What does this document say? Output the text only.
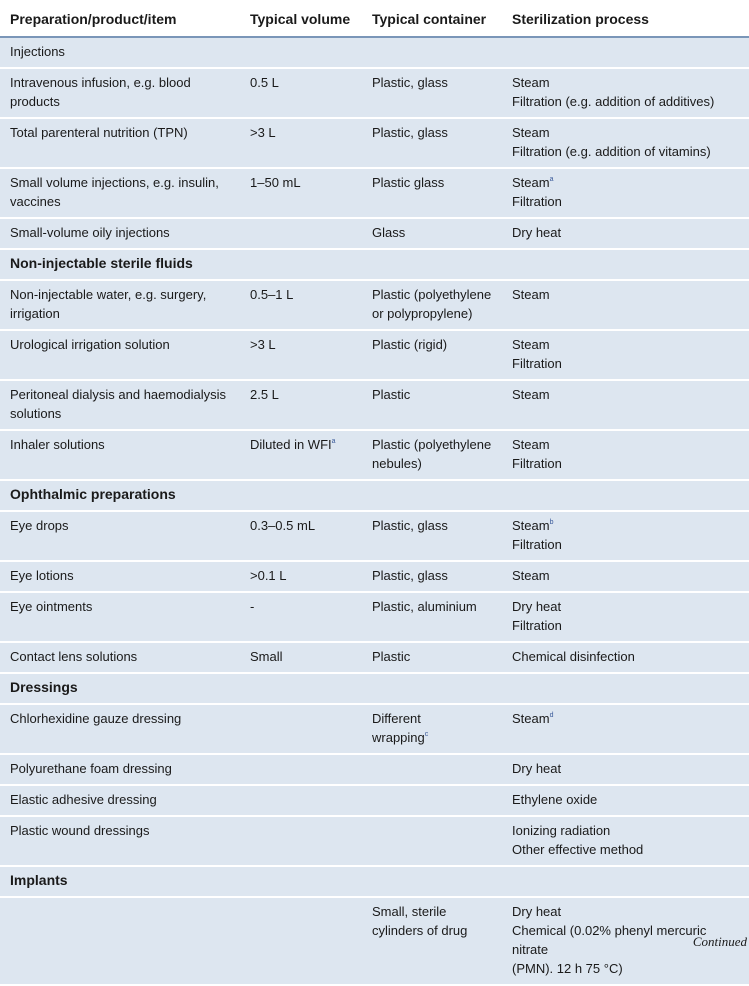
Preparation/product/item	Typical volume	Typical container	Sterilization process
Injections			

Intravenous infusion, e.g. blood
products	0.5 L	Plastic, glass	Steam
Filtration (e.g. addition of additives)

Total parenteral nutrition (TPN)	>3 L	Plastic, glass	Steam
Filtration (e.g. addition of vitamins)

Small volume injections, e.g. insulin,
vaccines	1–50 mL	Plastic glass	Steam$^a$
Filtration

Small-volume oily injections		Glass	Dry heat

Non-injectable sterile fluids			

Non-injectable water, e.g. surgery,
irrigation	0.5–1 L	Plastic (polyethylene
or polypropylene)	Steam

Urological irrigation solution	>3 L	Plastic (rigid)	Steam
Filtration

Peritoneal dialysis and haemodialysis
solutions	2.5 L	Plastic	Steam

Inhaler solutions	Diluted in WFI$^a$	Plastic (polyethylene
nebules)	Steam
Filtration

Ophthalmic preparations			

Eye drops	0.3–0.5 mL	Plastic, glass	Steam$^b$
Filtration

Eye lotions	>0.1 L	Plastic, glass	Steam

Eye ointments	-	Plastic, aluminium	Dry heat
Filtration

Contact lens solutions	Small	Plastic	Chemical disinfection

Dressings			

Chlorhexidine gauze dressing		Different
wrapping$^c$	Steam$^d$

Polyurethane foam dressing			Dry heat

Elastic adhesive dressing			Ethylene oxide

Plastic wound dressings			Ionizing radiation
Other effective method

Implants			

		Small, sterile
cylinders of drug	Dry heat
Chemical (0.02% phenyl mercuric nitrate
(PMN). 12 h 75 °C)
Continued
